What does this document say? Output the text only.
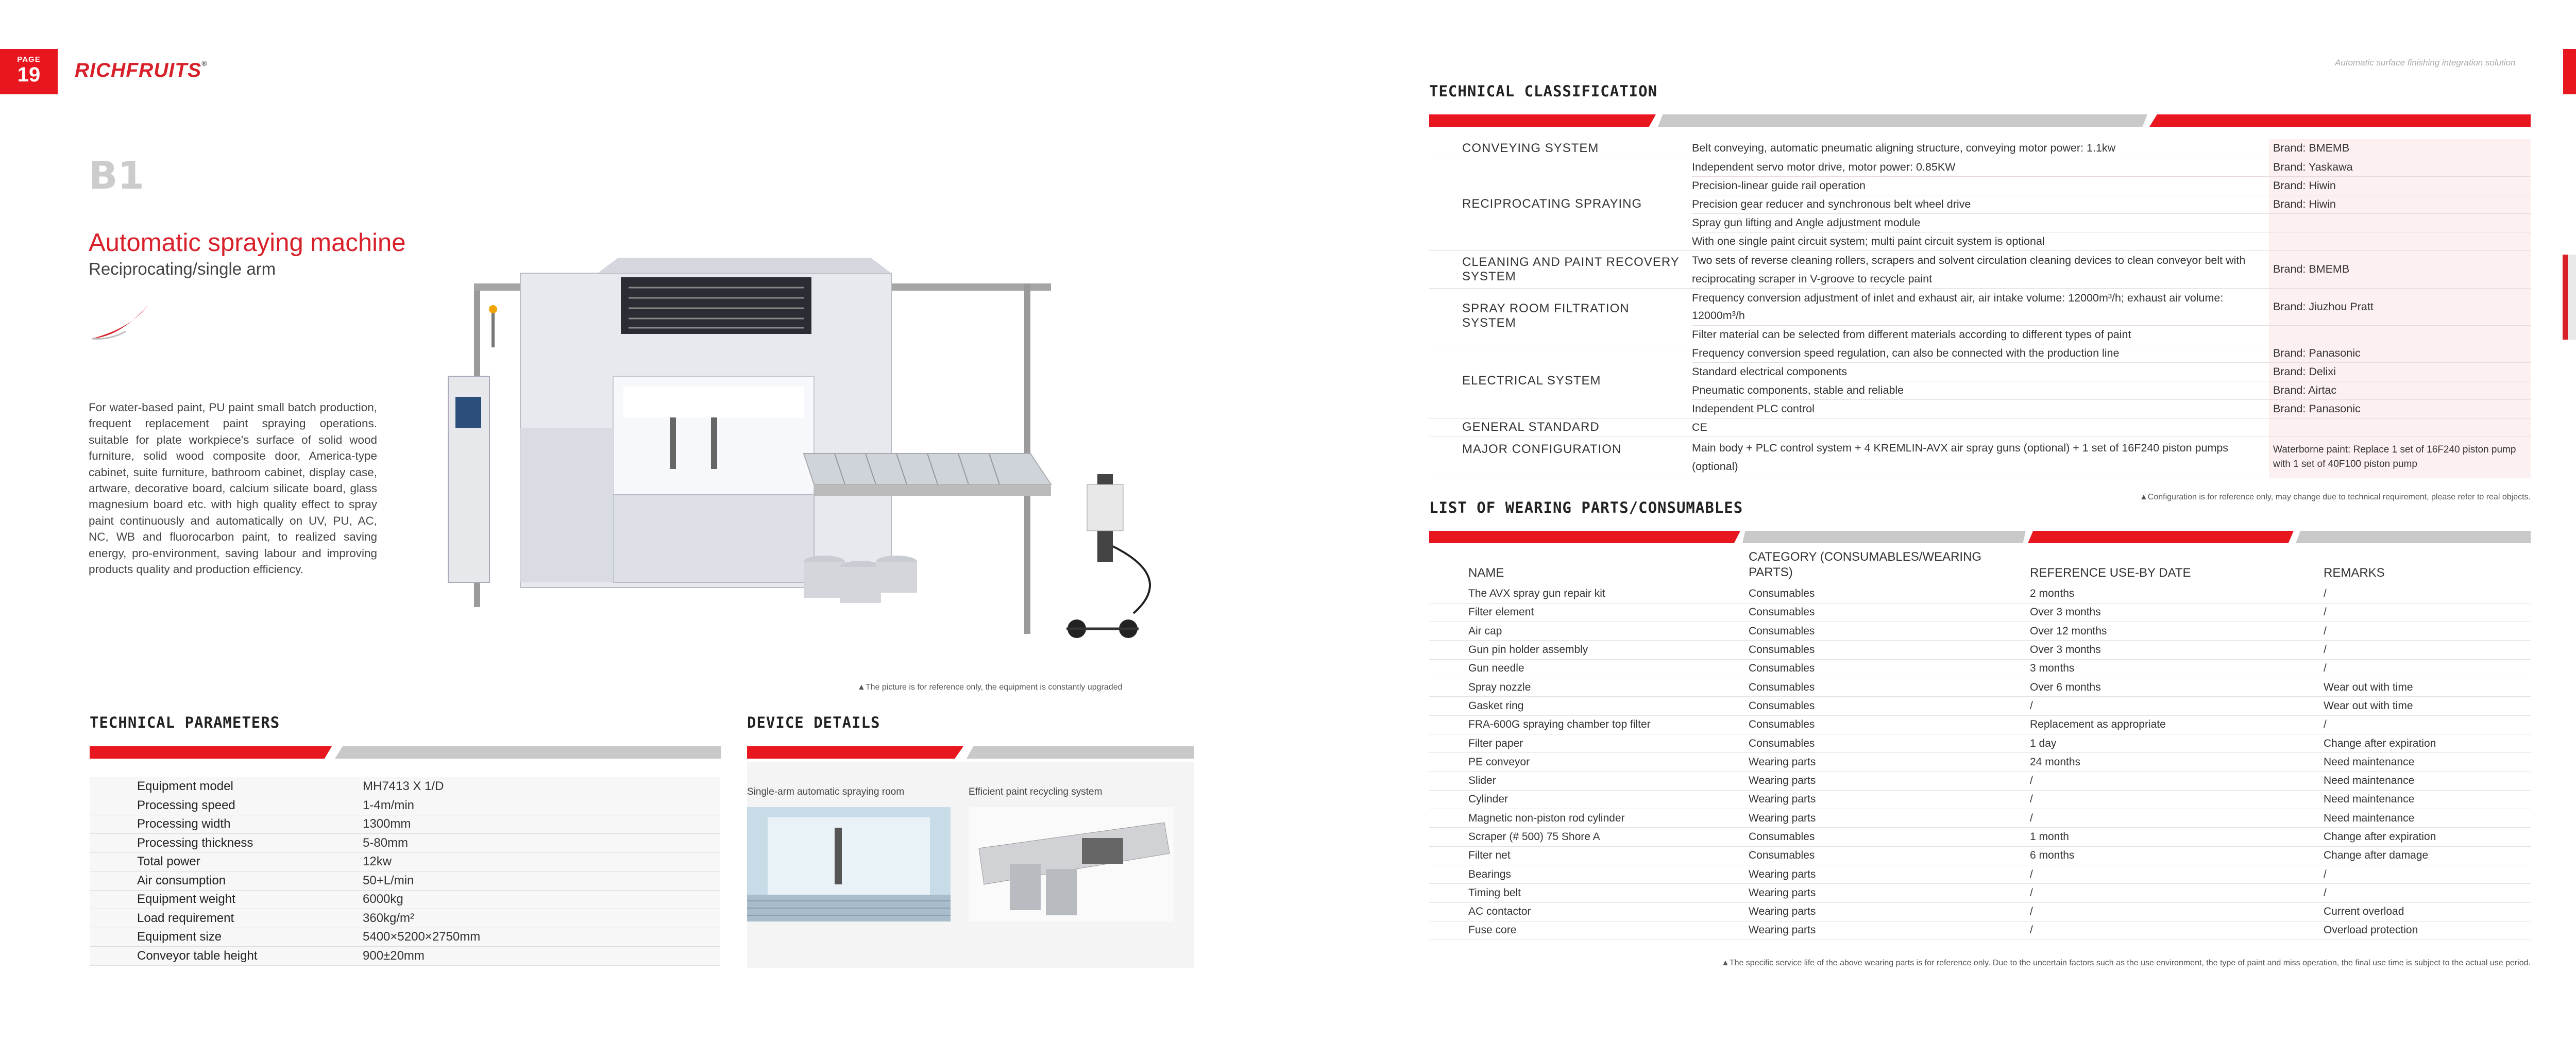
PAGE
19	RICHFRUITS®
B1
Automatic spraying machine
Reciprocating/single arm

For water-based paint, PU paint small batch production, frequent replacement paint spraying operations. suitable for plate workpiece's surface of solid wood furniture, solid wood composite door, America-type cabinet, suite furniture, bathroom cabinet, display case, artware, decorative board, calcium silicate board, glass magnesium board etc. with high quality effect to spray paint continuously and automatically on UV, PU, AC, NC, WB and fluorocarbon paint, to realized saving energy, pro-environment, saving labour and improving products quality and production efficiency.

▲The picture is for reference only, the equipment is constantly upgraded
TECHNICAL PARAMETERS
Equipment model	MH7413 X 1/D
Processing speed	1-4m/min
Processing width	1300mm
Processing thickness	5-80mm
Total power	12kw
Air consumption	50+L/min
Equipment weight	6000kg
Load requirement	360kg/m²
Equipment size	5400×5200×2750mm
Conveyor table height	900±20mm
DEVICE DETAILS
Single-arm automatic spraying room	Efficient paint recycling system
Automatic surface finishing integration solution
TECHNICAL CLASSIFICATION
CONVEYING SYSTEM	Belt conveying, automatic pneumatic aligning structure, conveying motor power: 1.1kw	Brand: BMEMB
RECIPROCATING SPRAYING	Independent servo motor drive, motor power: 0.85KW	Brand: Yaskawa
	Precision-linear guide rail operation	Brand: Hiwin
	Precision gear reducer and synchronous belt wheel drive	Brand: Hiwin
	Spray gun lifting and Angle adjustment module	
	With one single paint circuit system; multi paint circuit system is optional	
CLEANING AND PAINT RECOVERY SYSTEM	Two sets of reverse cleaning rollers, scrapers and solvent circulation cleaning devices to clean conveyor belt with reciprocating scraper in V-groove to recycle paint	Brand: BMEMB
SPRAY ROOM FILTRATION SYSTEM	Frequency conversion adjustment of inlet and exhaust air, air intake volume: 12000m³/h; exhaust air volume: 12000m³/h	Brand: Jiuzhou Pratt
	Filter material can be selected from different materials according to different types of paint	
ELECTRICAL SYSTEM	Frequency conversion speed regulation, can also be connected with the production line	Brand: Panasonic
	Standard electrical components	Brand: Delixi
	Pneumatic components, stable and reliable	Brand: Airtac
	Independent PLC control	Brand: Panasonic
GENERAL STANDARD	CE	
MAJOR CONFIGURATION	Main body + PLC control system + 4 KREMLIN-AVX air spray guns (optional) + 1 set of 16F240 piston pumps (optional)	Waterborne paint: Replace 1 set of 16F240 piston pump with 1 set of 40F100 piston pump
▲Configuration is for reference only, may change due to technical requirement, please refer to real objects.
LIST OF WEARING PARTS/CONSUMABLES
NAME	CATEGORY (CONSUMABLES/WEARING PARTS)	REFERENCE USE-BY DATE	REMARKS
The AVX spray gun repair kit	Consumables	2 months	/
Filter element	Consumables	Over 3 months	/
Air cap	Consumables	Over 12 months	/
Gun pin holder assembly	Consumables	Over 3 months	/
Gun needle	Consumables	3 months	/
Spray nozzle	Consumables	Over 6 months	Wear out with time
Gasket ring	Consumables	/	Wear out with time
FRA-600G spraying chamber top filter	Consumables	Replacement as appropriate	/
Filter paper	Consumables	1 day	Change after expiration
PE conveyor	Wearing parts	24 months	Need maintenance
Slider	Wearing parts	/	Need maintenance
Cylinder	Wearing parts	/	Need maintenance
Magnetic non-piston rod cylinder	Wearing parts	/	Need maintenance
Scraper (# 500) 75 Shore A	Consumables	1 month	Change after expiration
Filter net	Consumables	6 months	Change after damage
Bearings	Wearing parts	/	/
Timing belt	Wearing parts	/	/
AC contactor	Wearing parts	/	Current overload
Fuse core	Wearing parts	/	Overload protection
▲The specific service life of the above wearing parts is for reference only. Due to the uncertain factors such as the use environment, the type of paint and miss operation, the final use time is subject to the actual use period.
